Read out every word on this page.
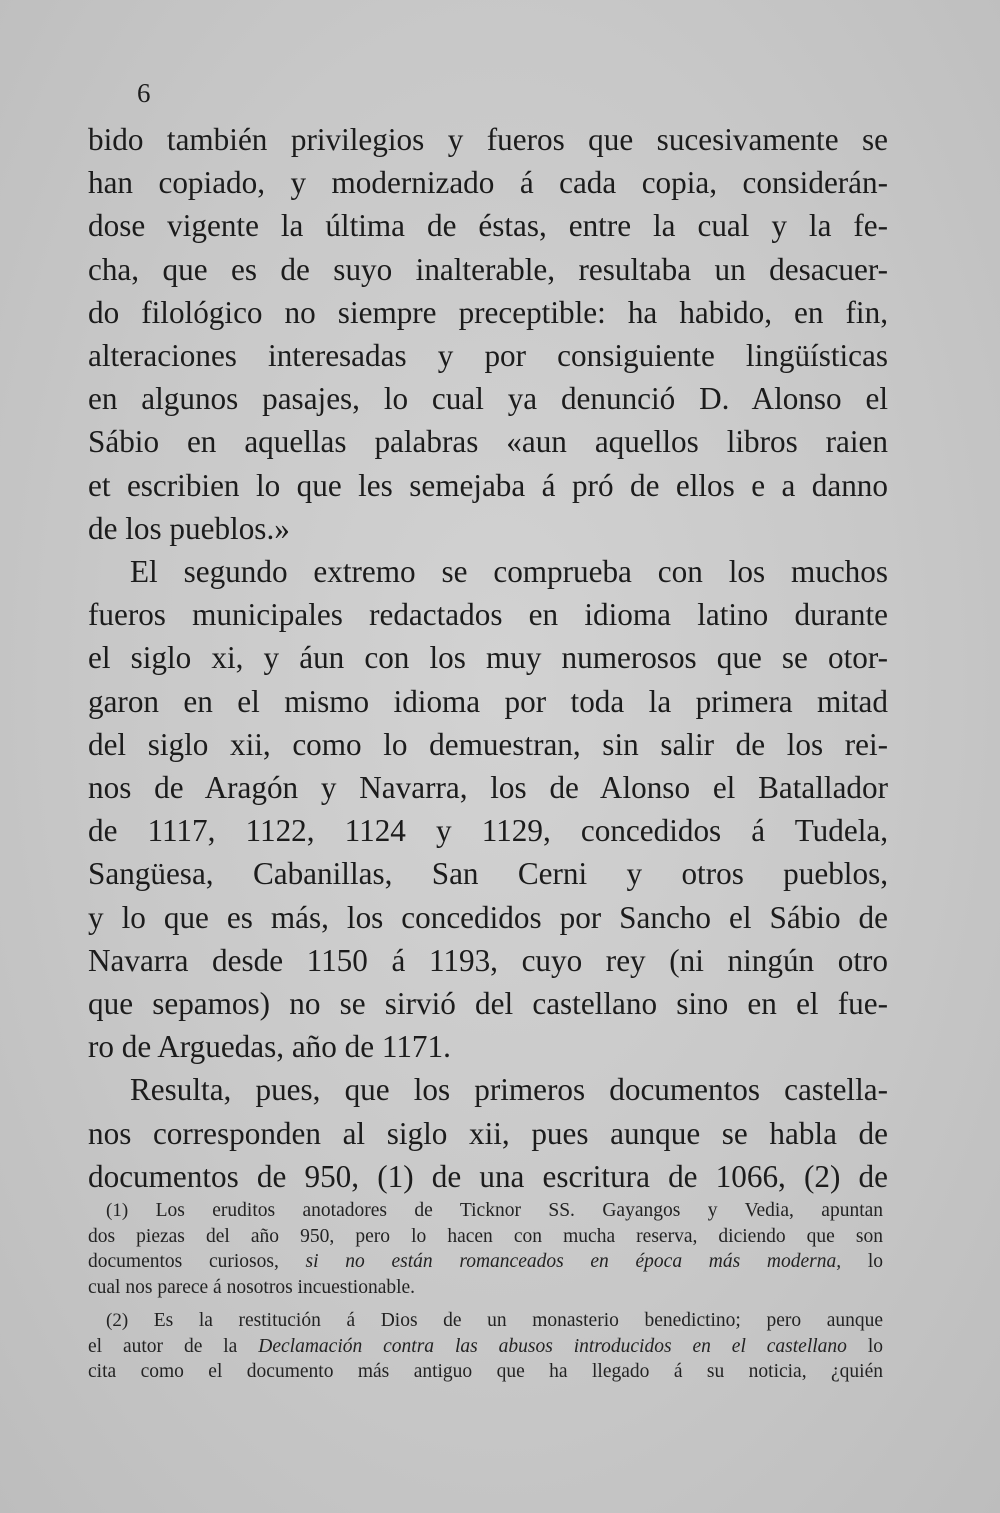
6
bido también privilegios y fueros que sucesivamente se
han copiado, y modernizado á cada copia, considerán-
dose vigente la última de éstas, entre la cual y la fe-
cha, que es de suyo inalterable, resultaba un desacuer-
do filológico no siempre preceptible: ha habido, en fin,
alteraciones interesadas y por consiguiente lingüísticas
en algunos pasajes, lo cual ya denunció D. Alonso el
Sábio en aquellas palabras «aun aquellos libros raien
et escribien lo que les semejaba á pró de ellos e a danno
de los pueblos.»
El segundo extremo se comprueba con los muchos
fueros municipales redactados en idioma latino durante
el siglo xi, y áun con los muy numerosos que se otor-
garon en el mismo idioma por toda la primera mitad
del siglo xii, como lo demuestran, sin salir de los rei-
nos de Aragón y Navarra, los de Alonso el Batallador
de 1117, 1122, 1124 y 1129, concedidos á Tudela,
Sangüesa, Cabanillas, San Cerni y otros pueblos,
y lo que es más, los concedidos por Sancho el Sábio de
Navarra desde 1150 á 1193, cuyo rey (ni ningún otro
que sepamos) no se sirvió del castellano sino en el fue-
ro de Arguedas, año de 1171.
Resulta, pues, que los primeros documentos castella-
nos corresponden al siglo xii, pues aunque se habla de
documentos de 950, (1) de una escritura de 1066, (2) de
(1) Los eruditos anotadores de Ticknor SS. Gayangos y Vedia, apuntan
dos piezas del año 950, pero lo hacen con mucha reserva, diciendo que son
documentos curiosos, si no están romanceados en época más moderna, lo
cual nos parece á nosotros incuestionable.
(2) Es la restitución á Dios de un monasterio benedictino; pero aunque
el autor de la Declamación contra las abusos introducidos en el castellano lo
cita como el documento más antiguo que ha llegado á su noticia, ¿quién
